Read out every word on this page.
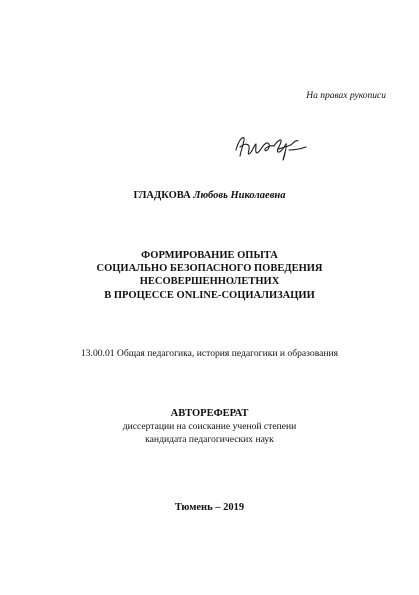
На правах рукописи
ГЛАДКОВА Любовь Николаевна
ФОРМИРОВАНИЕ ОПЫТА
СОЦИАЛЬНО БЕЗОПАСНОГО ПОВЕДЕНИЯ
НЕСОВЕРШЕННОЛЕТНИХ
В ПРОЦЕССЕ ONLINE-СОЦИАЛИЗАЦИИ
13.00.01 Общая педагогика, история педагогики и образования
АВТОРЕФЕРАТ
диссертации на соискание ученой степени
кандидата педагогических наук
Тюмень – 2019
